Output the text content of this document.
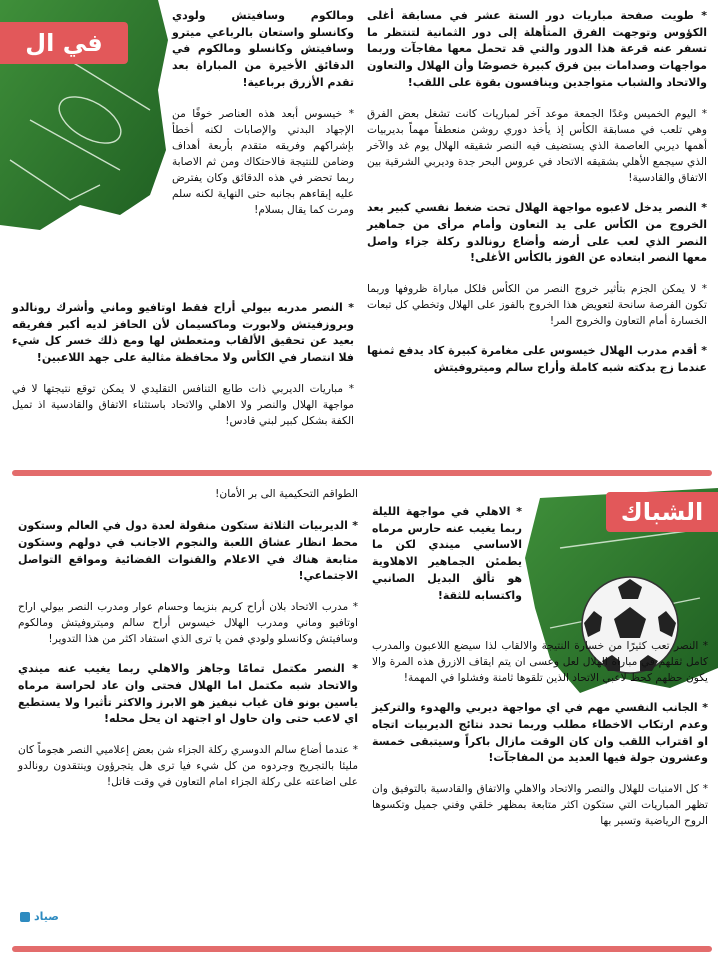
في ال

* طويت صفحة مباريات دور الستة عشر في مسابقة أغلى الكؤوس وتوجهت الفرق المتأهلة إلى دور الثمانية لتنتظر ما تسفر عنه قرعة هذا الدور والتي قد تحمل معها مفاجآت وربما مواجهات وصدامات بين فرق كبيرة خصوصًا وأن الهلال والتعاون والاتحاد والشباب متواجدين وينافسون بقوة على اللقب!

* اليوم الخميس وغدًا الجمعة موعد آخر لمباريات كانت تشغل بعض الفرق وهي تلعب في مسابقة الكأس إذ يأخذ دوري روشن منعطفاً مهماً بديربيات أهمها ديربي العاصمة الذي يستضيف فيه النصر شقيقه الهلال يوم غد والآخر الذي سيجمع الأهلي بشقيقه الاتحاد في عروس البحر جدة وديربي الشرقية بين الاتفاق والقادسية!

* النصر يدخل لاعبوه مواجهة الهلال تحت ضغط نفسي كبير بعد الخروج من الكأس على يد التعاون وأمام مرأى من جماهير النصر الذي لعب على أرضه وأضاع رونالدو ركلة جزاء واصل معها النصر ابتعاده عن الفوز بالكأس الأغلى!

* لا يمكن الجزم بتأثير خروج النصر من الكأس فلكل مباراة ظروفها وربما تكون الفرصة سانحة لتعويض هذا الخروج بالفوز على الهلال وتخطي كل تبعات الخسارة أمام التعاون والخروج المر!

* أقدم مدرب الهلال خيسوس على مغامرة كبيرة كاد يدفع ثمنها عندما زج بدكته شبه كاملة وأراح سالم وميتروفيتش

ومالكوم وسافيتش ولودي وكانسلو واستعان بالرباعي ميترو وسافيتش وكانسلو ومالكوم في الدقائق الأخيرة من المباراة بعد تقدم الأزرق برباعية!

* خيسوس أبعد هذه العناصر خوفًا من الإجهاد البدني والإصابات لكنه أخطأ بإشراكهم وفريقه متقدم بأربعة أهداف وضامن للنتيجة فالاحتكاك ومن ثم الاصابة ربما تحضر في هذه الدقائق وكان يفترض عليه إبقاءهم بجانبه حتى النهاية لكنه سلم ومرت كما يقال بسلام!

* النصر مدربه بيولي أراح فقط اوتافيو وماني وأشرك رونالدو وبروزفيتش ولابورت وماكسيمان لأن الحافز لديه أكبر ففريقه بعيد عن تحقيق الألقاب ومتعطش لها ومع ذلك خسر كل شيء فلا انتصار في الكأس ولا محافظة مثالية على جهد اللاعبين!

* مباريات الديربي ذات طابع التنافس التقليدي لا يمكن توقع نتيجتها لا في مواجهة الهلال والنصر ولا الاهلي والاتحاد باستثناء الاتفاق والقادسية اذ تميل الكفة بشكل كبير لبني قادس!

الشباك

الطواقم التحكيمية الى بر الأمان!

* الديربيات الثلاثة ستكون منقولة لعدة دول في العالم وستكون محط انظار عشاق اللعبة والنجوم الاجانب في دولهم وستكون متابعة هناك في الاعلام والقنوات الفضائية ومواقع التواصل الاجتماعي!

* مدرب الاتحاد بلان أراح كريم بنزيما وحسام عوار ومدرب النصر بيولي اراح اوتافيو وماني ومدرب الهلال خيسوس أراح سالم وميتروفيتش ومالكوم وسافيتش وكانسلو ولودي فمن يا ترى الذي استفاد اكثر من هذا التدوير!

* النصر مكتمل تمامًا وجاهز والاهلي ربما يغيب عنه ميندي والاتحاد شبه مكتمل اما الهلال فحتى وان عاد لحراسة مرماه ياسين بونو فان غياب نيفيز هو الابرز والاكثر تأثيرا ولا يستطيع اي لاعب حتى وان حاول او اجتهد ان يحل محله!

* عندما أضاع سالم الدوسري ركلة الجزاء شن بعض إعلاميي النصر هجوماً كان مليئا بالتجريح وجردوه من كل شيء فيا ترى هل يتجرؤون وينتقدون رونالدو على اضاعته على ركلة الجزاء امام التعاون في وقت قاتل!

* الاهلي في مواجهة الليلة ربما يغيب عنه حارس مرماه الاساسي ميندي لكن ما يطمئن الجماهير الاهلاوية هو تألق البديل الصانبي واكتسابه للثقة!

* النصر تعب كثيرًا من خسارة النتيجة والالقاب لذا سيضع اللاعبون والمدرب كامل ثقلهم في مباراة الهلال لعل وعسى ان يتم ايقاف الازرق هذه المرة والا يكون حظهم كحظ لاعبي الاتحاد الذين تلقوها ثامنة وفشلوا في المهمة!

* الجانب النفسي مهم في اي مواجهة ديربي والهدوء والتركيز وعدم ارتكاب الاخطاء مطلب وربما تحدد نتائج الديربيات اتجاه او اقتراب اللقب وان كان الوقت مازال باكراً وسيتبقى خمسة وعشرون جولة فيها العديد من المفاجآت!

* كل الامنيات للهلال والنصر والاتحاد والاهلي والاتفاق والقادسية بالتوفيق وان تظهر المباريات التي ستكون اكثر متابعة بمظهر خلقي وفني جميل وتكسوها الروح الرياضية وتسير بها

صياد
